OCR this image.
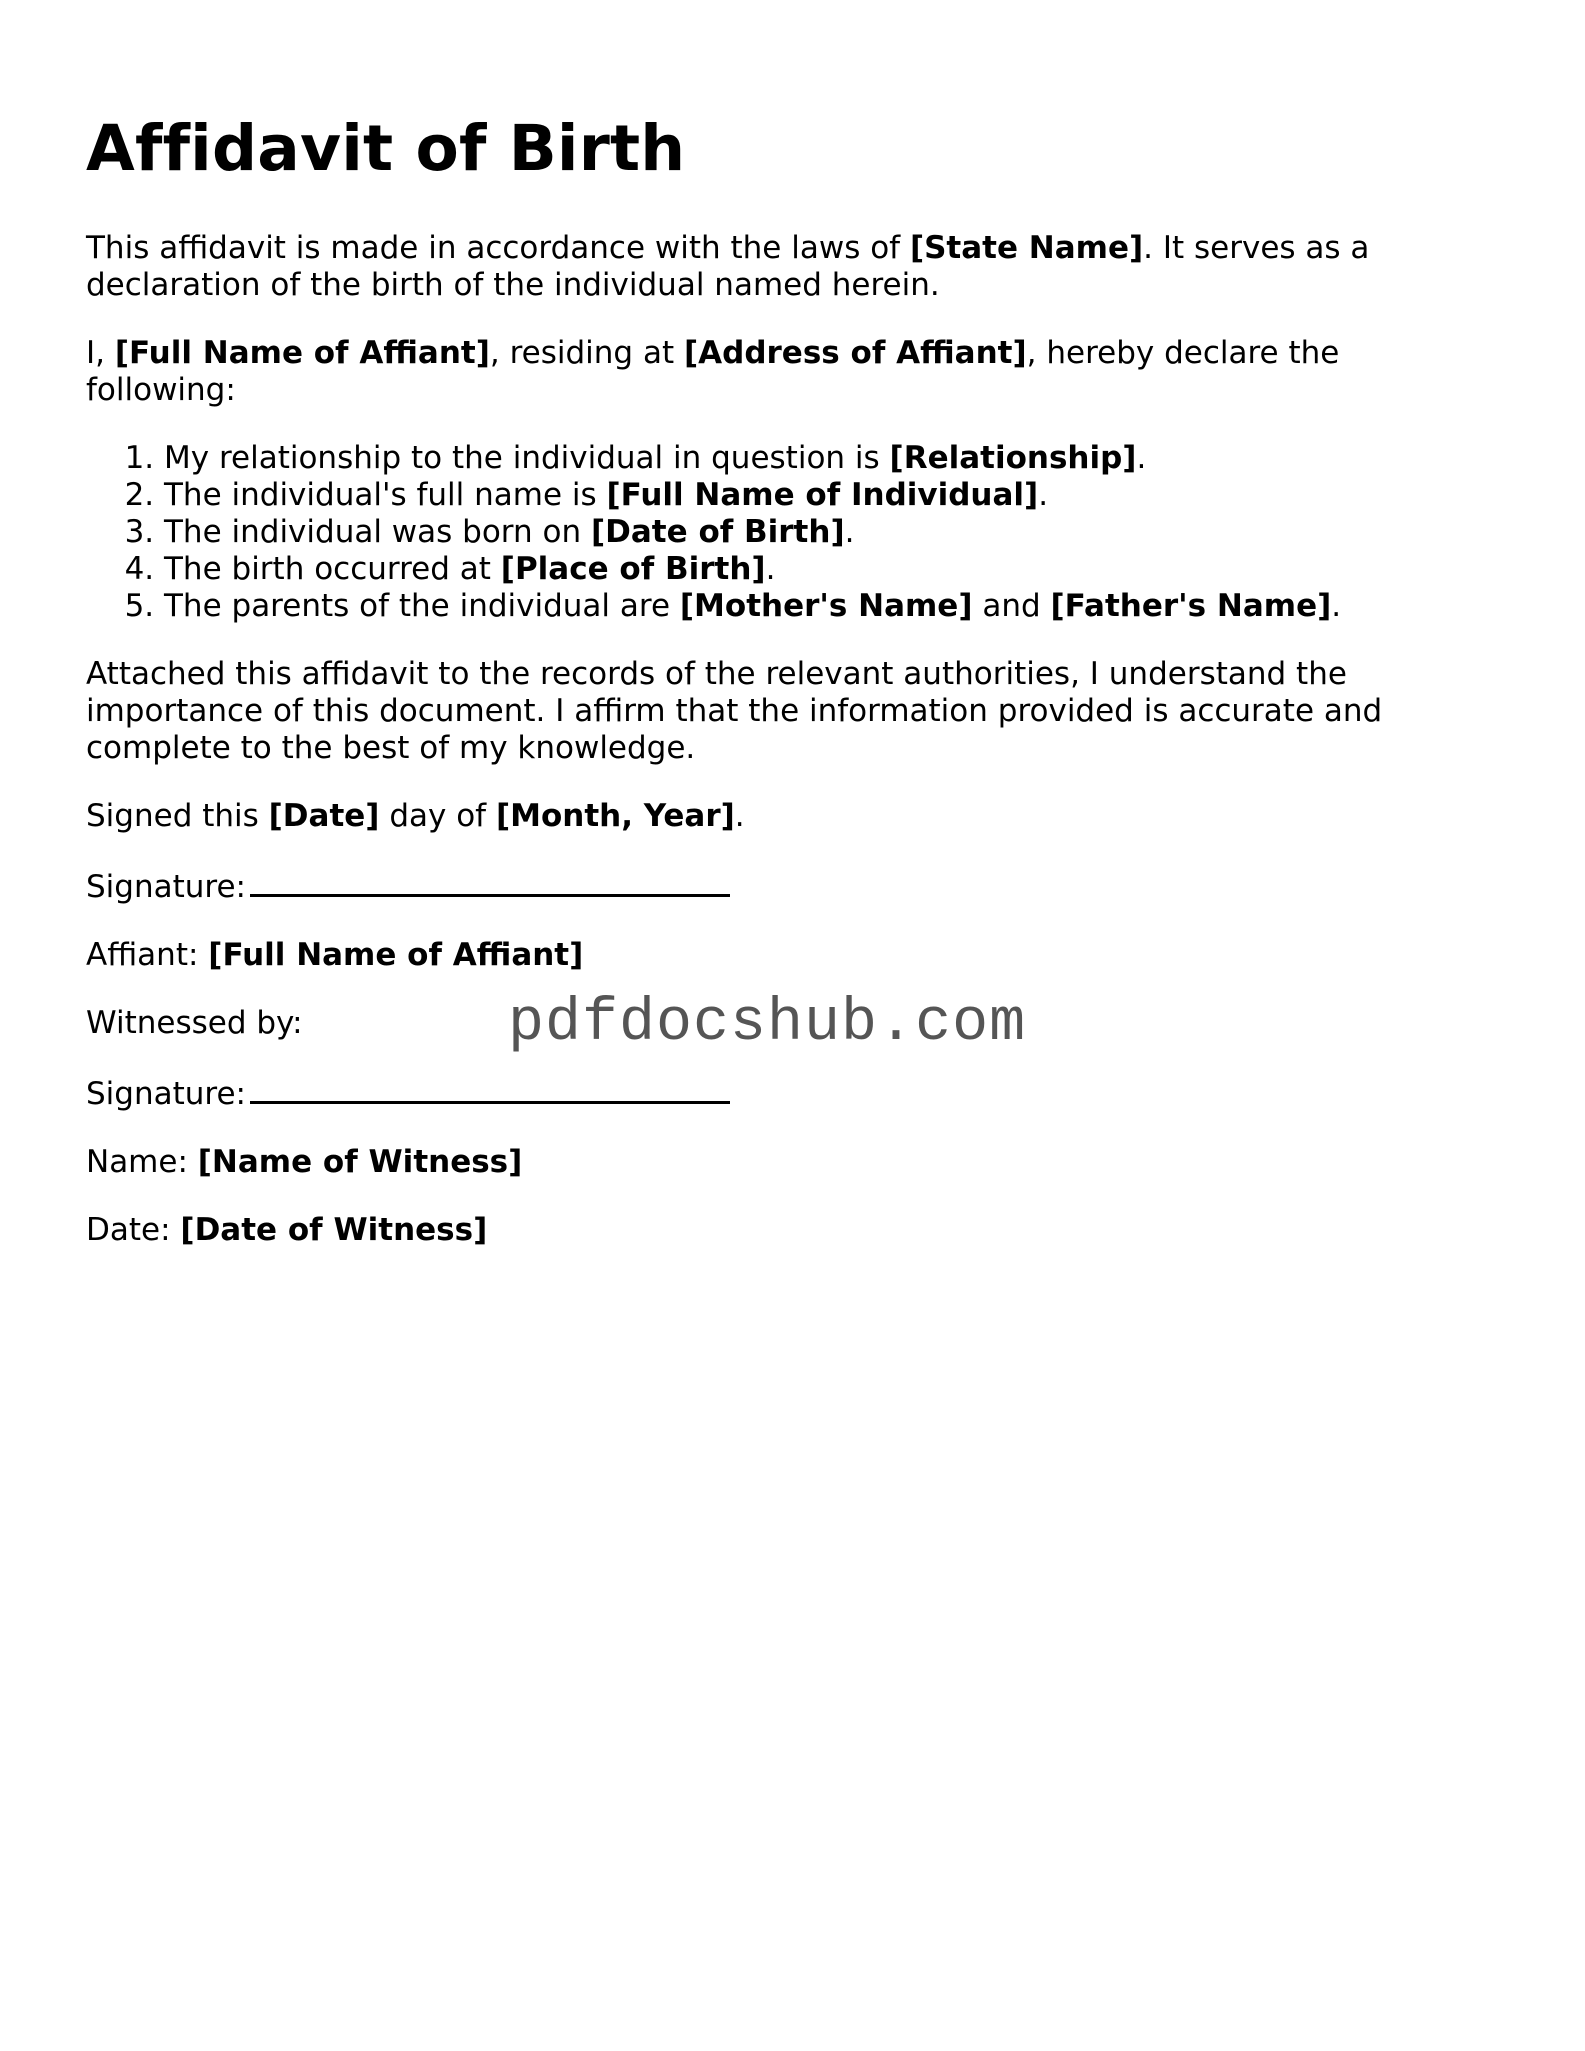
Affidavit of Birth

This affidavit is made in accordance with the laws of [State Name]. It serves as a declaration of the birth of the individual named herein.

I, [Full Name of Affiant], residing at [Address of Affiant], hereby declare the following:

1. My relationship to the individual in question is [Relationship].
2. The individual's full name is [Full Name of Individual].
3. The individual was born on [Date of Birth].
4. The birth occurred at [Place of Birth].
5. The parents of the individual are [Mother's Name] and [Father's Name].

Attached this affidavit to the records of the relevant authorities, I understand the importance of this document. I affirm that the information provided is accurate and complete to the best of my knowledge.

Signed this [Date] day of [Month, Year].

Signature:

Affiant: [Full Name of Affiant]

Witnessed by:

Signature:

Name: [Name of Witness]

Date: [Date of Witness]

pdfdocshub.com
